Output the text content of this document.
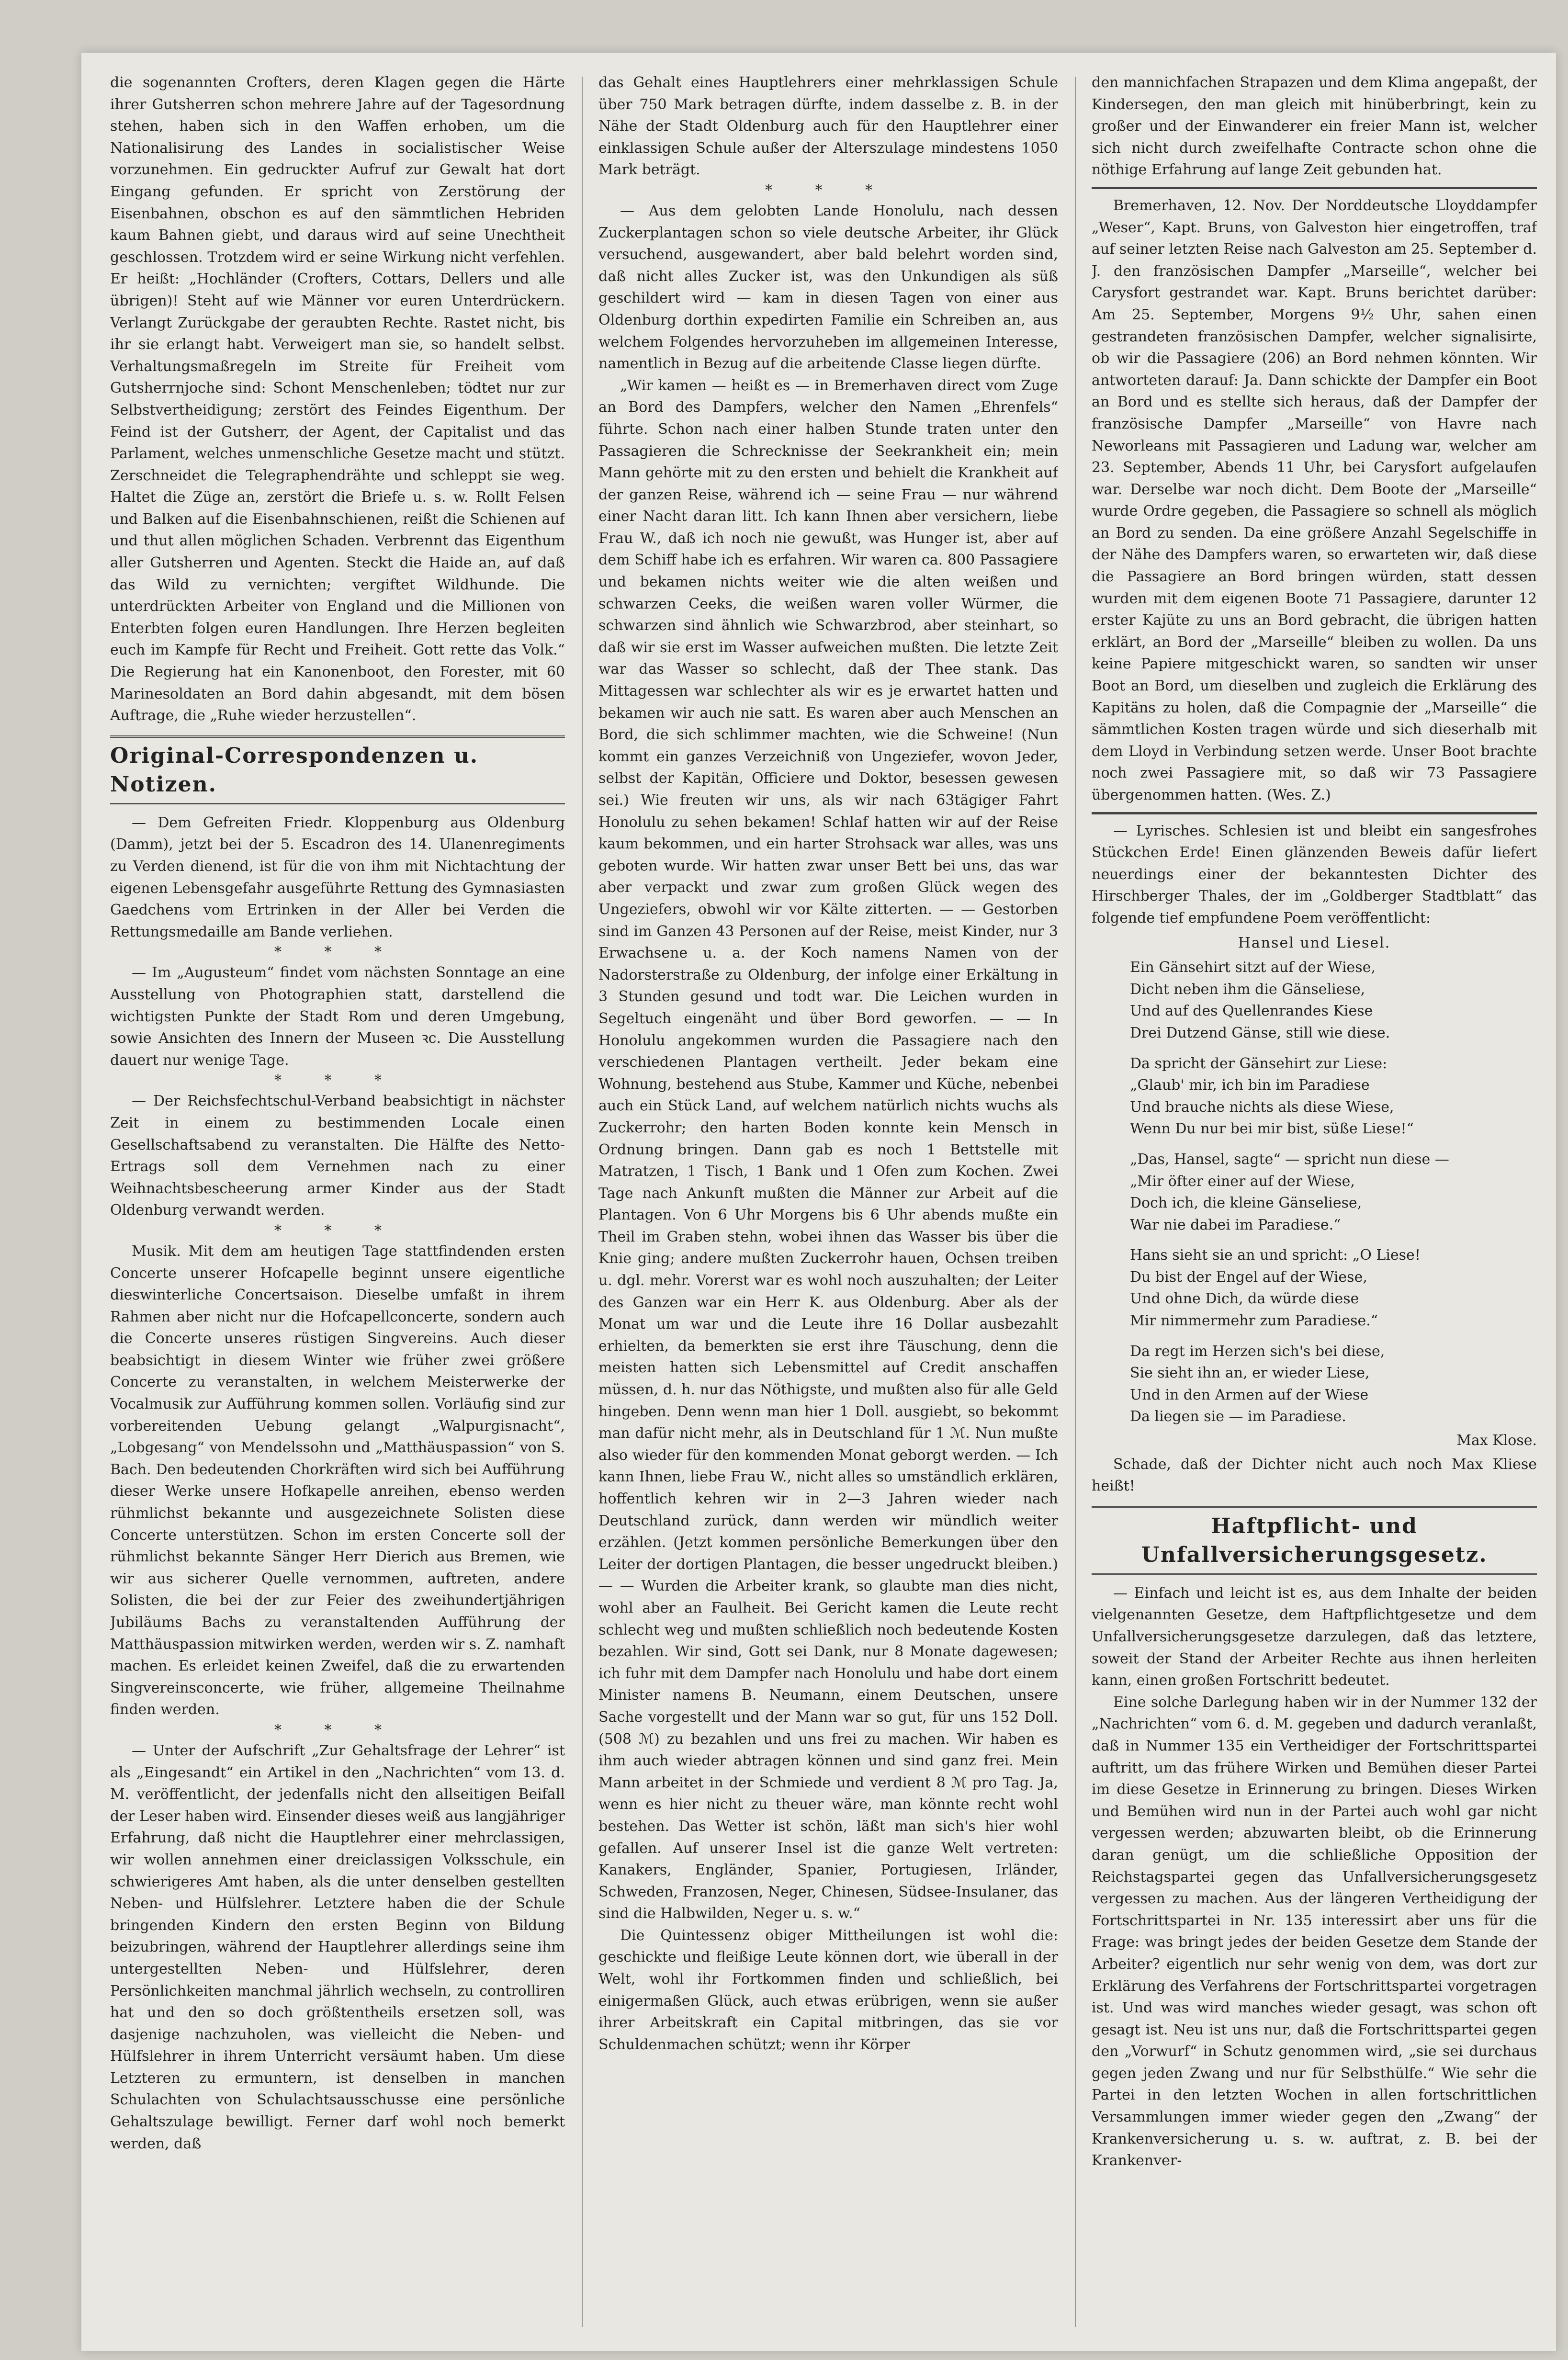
die sogenannten Crofters, deren Klagen gegen die Härte ihrer Gutsherren schon mehrere Jahre auf der Tagesordnung stehen, haben sich in den Waffen erhoben, um die Nationalisirung des Landes in socialistischer Weise vorzunehmen. Ein gedruckter Aufruf zur Gewalt hat dort Eingang gefunden. Er spricht von Zerstörung der Eisenbahnen, obschon es auf den sämmtlichen Hebriden kaum Bahnen giebt, und daraus wird auf seine Unechtheit geschlossen. Trotzdem wird er seine Wirkung nicht verfehlen. Er heißt: „Hochländer (Crofters, Cottars, Dellers und alle übrigen)! Steht auf wie Männer vor euren Unterdrückern. Verlangt Zurückgabe der geraubten Rechte. Rastet nicht, bis ihr sie erlangt habt. Verweigert man sie, so handelt selbst. Verhaltungsmaßregeln im Streite für Freiheit vom Gutsherrnjoche sind: Schont Menschenleben; tödtet nur zur Selbstvertheidigung; zerstört des Feindes Eigenthum. Der Feind ist der Gutsherr, der Agent, der Capitalist und das Parlament, welches unmenschliche Gesetze macht und stützt. Zerschneidet die Telegraphendrähte und schleppt sie weg. Haltet die Züge an, zerstört die Briefe u. s. w. Rollt Felsen und Balken auf die Eisenbahnschienen, reißt die Schienen auf und thut allen möglichen Schaden. Verbrennt das Eigenthum aller Gutsherren und Agenten. Steckt die Haide an, auf daß das Wild zu vernichten; vergiftet Wildhunde. Die unterdrückten Arbeiter von England und die Millionen von Enterbten folgen euren Handlungen. Ihre Herzen begleiten euch im Kampfe für Recht und Freiheit. Gott rette das Volk.“ Die Regierung hat ein Kanonenboot, den Forester, mit 60 Marinesoldaten an Bord dahin abgesandt, mit dem bösen Auftrage, die „Ruhe wieder herzustellen“.

Original-Correspondenzen u. Notizen.

— Dem Gefreiten Friedr. Kloppenburg aus Oldenburg (Damm), jetzt bei der 5. Escadron des 14. Ulanenregiments zu Verden dienend, ist für die von ihm mit Nichtachtung der eigenen Lebensgefahr ausgeführte Rettung des Gymnasiasten Gaedchens vom Ertrinken in der Aller bei Verden die Rettungsmedaille am Bande verliehen.

* * *

— Im „Augusteum“ findet vom nächsten Sonntage an eine Ausstellung von Photographien statt, darstellend die wichtigsten Punkte der Stadt Rom und deren Umgebung, sowie Ansichten des Innern der Museen ꝛc. Die Ausstellung dauert nur wenige Tage.

* * *

— Der Reichsfechtschul-Verband beabsichtigt in nächster Zeit in einem zu bestimmenden Locale einen Gesellschaftsabend zu veranstalten. Die Hälfte des Netto-Ertrags soll dem Vernehmen nach zu einer Weihnachtsbescheerung armer Kinder aus der Stadt Oldenburg verwandt werden.

* * *

Musik. Mit dem am heutigen Tage stattfindenden ersten Concerte unserer Hofcapelle beginnt unsere eigentliche dieswinterliche Concertsaison. Dieselbe umfaßt in ihrem Rahmen aber nicht nur die Hofcapellconcerte, sondern auch die Concerte unseres rüstigen Singvereins. Auch dieser beabsichtigt in diesem Winter wie früher zwei größere Concerte zu veranstalten, in welchem Meisterwerke der Vocalmusik zur Aufführung kommen sollen. Vorläufig sind zur vorbereitenden Uebung gelangt „Walpurgisnacht“, „Lobgesang“ von Mendelssohn und „Matthäuspassion“ von S. Bach. Den bedeutenden Chorkräften wird sich bei Aufführung dieser Werke unsere Hofkapelle anreihen, ebenso werden rühmlichst bekannte und ausgezeichnete Solisten diese Concerte unterstützen. Schon im ersten Concerte soll der rühmlichst bekannte Sänger Herr Dierich aus Bremen, wie wir aus sicherer Quelle vernommen, auftreten, andere Solisten, die bei der zur Feier des zweihundertjährigen Jubiläums Bachs zu veranstaltenden Aufführung der Matthäuspassion mitwirken werden, werden wir s. Z. namhaft machen. Es erleidet keinen Zweifel, daß die zu erwartenden Singvereinsconcerte, wie früher, allgemeine Theilnahme finden werden.

* * *

— Unter der Aufschrift „Zur Gehaltsfrage der Lehrer“ ist als „Eingesandt“ ein Artikel in den „Nachrichten“ vom 13. d. M. veröffentlicht, der jedenfalls nicht den allseitigen Beifall der Leser haben wird. Einsender dieses weiß aus langjähriger Erfahrung, daß nicht die Hauptlehrer einer mehrclassigen, wir wollen annehmen einer dreiclassigen Volksschule, ein schwierigeres Amt haben, als die unter denselben gestellten Neben- und Hülfslehrer. Letztere haben die der Schule bringenden Kindern den ersten Beginn von Bildung beizubringen, während der Hauptlehrer allerdings seine ihm untergestellten Neben- und Hülfslehrer, deren Persönlichkeiten manchmal jährlich wechseln, zu controlliren hat und den so doch größtentheils ersetzen soll, was dasjenige nachzuholen, was vielleicht die Neben- und Hülfslehrer in ihrem Unterricht versäumt haben. Um diese Letzteren zu ermuntern, ist denselben in manchen Schulachten von Schulachtsausschusse eine persönliche Gehaltszulage bewilligt. Ferner darf wohl noch bemerkt werden, daß

das Gehalt eines Hauptlehrers einer mehrklassigen Schule über 750 Mark betragen dürfte, indem dasselbe z. B. in der Nähe der Stadt Oldenburg auch für den Hauptlehrer einer einklassigen Schule außer der Alterszulage mindestens 1050 Mark beträgt.

* * *

— Aus dem gelobten Lande Honolulu, nach dessen Zuckerplantagen schon so viele deutsche Arbeiter, ihr Glück versuchend, ausgewandert, aber bald belehrt worden sind, daß nicht alles Zucker ist, was den Unkundigen als süß geschildert wird — kam in diesen Tagen von einer aus Oldenburg dorthin expedirten Familie ein Schreiben an, aus welchem Folgendes hervorzuheben im allgemeinen Interesse, namentlich in Bezug auf die arbeitende Classe liegen dürfte.

„Wir kamen — heißt es — in Bremerhaven direct vom Zuge an Bord des Dampfers, welcher den Namen „Ehrenfels“ führte. Schon nach einer halben Stunde traten unter den Passagieren die Schrecknisse der Seekrankheit ein; mein Mann gehörte mit zu den ersten und behielt die Krankheit auf der ganzen Reise, während ich — seine Frau — nur während einer Nacht daran litt. Ich kann Ihnen aber versichern, liebe Frau W., daß ich noch nie gewußt, was Hunger ist, aber auf dem Schiff habe ich es erfahren. Wir waren ca. 800 Passagiere und bekamen nichts weiter wie die alten weißen und schwarzen Ceeks, die weißen waren voller Würmer, die schwarzen sind ähnlich wie Schwarzbrod, aber steinhart, so daß wir sie erst im Wasser aufweichen mußten. Die letzte Zeit war das Wasser so schlecht, daß der Thee stank. Das Mittagessen war schlechter als wir es je erwartet hatten und bekamen wir auch nie satt. Es waren aber auch Menschen an Bord, die sich schlimmer machten, wie die Schweine! (Nun kommt ein ganzes Verzeichniß von Ungeziefer, wovon Jeder, selbst der Kapitän, Officiere und Doktor, besessen gewesen sei.) Wie freuten wir uns, als wir nach 63tägiger Fahrt Honolulu zu sehen bekamen! Schlaf hatten wir auf der Reise kaum bekommen, und ein harter Strohsack war alles, was uns geboten wurde. Wir hatten zwar unser Bett bei uns, das war aber verpackt und zwar zum großen Glück wegen des Ungeziefers, obwohl wir vor Kälte zitterten. — — Gestorben sind im Ganzen 43 Personen auf der Reise, meist Kinder, nur 3 Erwachsene u. a. der Koch namens Namen von der Nadorsterstraße zu Oldenburg, der infolge einer Erkältung in 3 Stunden gesund und todt war. Die Leichen wurden in Segeltuch eingenäht und über Bord geworfen. — — In Honolulu angekommen wurden die Passagiere nach den verschiedenen Plantagen vertheilt. Jeder bekam eine Wohnung, bestehend aus Stube, Kammer und Küche, nebenbei auch ein Stück Land, auf welchem natürlich nichts wuchs als Zuckerrohr; den harten Boden konnte kein Mensch in Ordnung bringen. Dann gab es noch 1 Bettstelle mit Matratzen, 1 Tisch, 1 Bank und 1 Ofen zum Kochen. Zwei Tage nach Ankunft mußten die Männer zur Arbeit auf die Plantagen. Von 6 Uhr Morgens bis 6 Uhr abends mußte ein Theil im Graben stehn, wobei ihnen das Wasser bis über die Knie ging; andere mußten Zuckerrohr hauen, Ochsen treiben u. dgl. mehr. Vorerst war es wohl noch auszuhalten; der Leiter des Ganzen war ein Herr K. aus Oldenburg. Aber als der Monat um war und die Leute ihre 16 Dollar ausbezahlt erhielten, da bemerkten sie erst ihre Täuschung, denn die meisten hatten sich Lebensmittel auf Credit anschaffen müssen, d. h. nur das Nöthigste, und mußten also für alle Geld hingeben. Denn wenn man hier 1 Doll. ausgiebt, so bekommt man dafür nicht mehr, als in Deutschland für 1 ℳ. Nun mußte also wieder für den kommenden Monat geborgt werden. — Ich kann Ihnen, liebe Frau W., nicht alles so umständlich erklären, hoffentlich kehren wir in 2—3 Jahren wieder nach Deutschland zurück, dann werden wir mündlich weiter erzählen. (Jetzt kommen persönliche Bemerkungen über den Leiter der dortigen Plantagen, die besser ungedruckt bleiben.) — — Wurden die Arbeiter krank, so glaubte man dies nicht, wohl aber an Faulheit. Bei Gericht kamen die Leute recht schlecht weg und mußten schließlich noch bedeutende Kosten bezahlen. Wir sind, Gott sei Dank, nur 8 Monate dagewesen; ich fuhr mit dem Dampfer nach Honolulu und habe dort einem Minister namens B. Neumann, einem Deutschen, unsere Sache vorgestellt und der Mann war so gut, für uns 152 Doll. (508 ℳ) zu bezahlen und uns frei zu machen. Wir haben es ihm auch wieder abtragen können und sind ganz frei. Mein Mann arbeitet in der Schmiede und verdient 8 ℳ pro Tag. Ja, wenn es hier nicht zu theuer wäre, man könnte recht wohl bestehen. Das Wetter ist schön, läßt man sich's hier wohl gefallen. Auf unserer Insel ist die ganze Welt vertreten: Kanakers, Engländer, Spanier, Portugiesen, Irländer, Schweden, Franzosen, Neger, Chinesen, Südsee-Insulaner, das sind die Halbwilden, Neger u. s. w.“

Die Quintessenz obiger Mittheilungen ist wohl die: geschickte und fleißige Leute können dort, wie überall in der Welt, wohl ihr Fortkommen finden und schließlich, bei einigermaßen Glück, auch etwas erübrigen, wenn sie außer ihrer Arbeitskraft ein Capital mitbringen, das sie vor Schuldenmachen schützt; wenn ihr Körper

den mannichfachen Strapazen und dem Klima angepaßt, der Kindersegen, den man gleich mit hinüberbringt, kein zu großer und der Einwanderer ein freier Mann ist, welcher sich nicht durch zweifelhafte Contracte schon ohne die nöthige Erfahrung auf lange Zeit gebunden hat.

Bremerhaven, 12. Nov. Der Norddeutsche Lloyddampfer „Weser“, Kapt. Bruns, von Galveston hier eingetroffen, traf auf seiner letzten Reise nach Galveston am 25. September d. J. den französischen Dampfer „Marseille“, welcher bei Carysfort gestrandet war. Kapt. Bruns berichtet darüber: Am 25. September, Morgens 9½ Uhr, sahen einen gestrandeten französischen Dampfer, welcher signalisirte, ob wir die Passagiere (206) an Bord nehmen könnten. Wir antworteten darauf: Ja. Dann schickte der Dampfer ein Boot an Bord und es stellte sich heraus, daß der Dampfer der französische Dampfer „Marseille“ von Havre nach Neworleans mit Passagieren und Ladung war, welcher am 23. September, Abends 11 Uhr, bei Carysfort aufgelaufen war. Derselbe war noch dicht. Dem Boote der „Marseille“ wurde Ordre gegeben, die Passagiere so schnell als möglich an Bord zu senden. Da eine größere Anzahl Segelschiffe in der Nähe des Dampfers waren, so erwarteten wir, daß diese die Passagiere an Bord bringen würden, statt dessen wurden mit dem eigenen Boote 71 Passagiere, darunter 12 erster Kajüte zu uns an Bord gebracht, die übrigen hatten erklärt, an Bord der „Marseille“ bleiben zu wollen. Da uns keine Papiere mitgeschickt waren, so sandten wir unser Boot an Bord, um dieselben und zugleich die Erklärung des Kapitäns zu holen, daß die Compagnie der „Marseille“ die sämmtlichen Kosten tragen würde und sich dieserhalb mit dem Lloyd in Verbindung setzen werde. Unser Boot brachte noch zwei Passagiere mit, so daß wir 73 Passagiere übergenommen hatten. (Wes. Z.)

— Lyrisches. Schlesien ist und bleibt ein sangesfrohes Stückchen Erde! Einen glänzenden Beweis dafür liefert neuerdings einer der bekanntesten Dichter des Hirschberger Thales, der im „Goldberger Stadtblatt“ das folgende tief empfundene Poem veröffentlicht:

Hansel und Liesel.
Ein Gänsehirt sitzt auf der Wiese,
Dicht neben ihm die Gänseliese,
Und auf des Quellenrandes Kiese
Drei Dutzend Gänse, still wie diese.
Da spricht der Gänsehirt zur Liese:
„Glaub' mir, ich bin im Paradiese
Und brauche nichts als diese Wiese,
Wenn Du nur bei mir bist, süße Liese!“
„Das, Hansel, sagte“ — spricht nun diese —
„Mir öfter einer auf der Wiese,
Doch ich, die kleine Gänseliese,
War nie dabei im Paradiese.“
Hans sieht sie an und spricht: „O Liese!
Du bist der Engel auf der Wiese,
Und ohne Dich, da würde diese
Mir nimmermehr zum Paradiese.“
Da regt im Herzen sich's bei diese,
Sie sieht ihn an, er wieder Liese,
Und in den Armen auf der Wiese
Da liegen sie — im Paradiese.
Max Klose.

Schade, daß der Dichter nicht auch noch Max Kliese heißt!

Haftpflicht- und Unfallversicherungsgesetz.

— Einfach und leicht ist es, aus dem Inhalte der beiden vielgenannten Gesetze, dem Haftpflichtgesetze und dem Unfallversicherungsgesetze darzulegen, daß das letztere, soweit der Stand der Arbeiter Rechte aus ihnen herleiten kann, einen großen Fortschritt bedeutet.

Eine solche Darlegung haben wir in der Nummer 132 der „Nachrichten“ vom 6. d. M. gegeben und dadurch veranlaßt, daß in Nummer 135 ein Vertheidiger der Fortschrittspartei auftritt, um das frühere Wirken und Bemühen dieser Partei im diese Gesetze in Erinnerung zu bringen. Dieses Wirken und Bemühen wird nun in der Partei auch wohl gar nicht vergessen werden; abzuwarten bleibt, ob die Erinnerung daran genügt, um die schließliche Opposition der Reichstagspartei gegen das Unfallversicherungsgesetz vergessen zu machen. Aus der längeren Vertheidigung der Fortschrittspartei in Nr. 135 interessirt aber uns für die Frage: was bringt jedes der beiden Gesetze dem Stande der Arbeiter? eigentlich nur sehr wenig von dem, was dort zur Erklärung des Verfahrens der Fortschrittspartei vorgetragen ist. Und was wird manches wieder gesagt, was schon oft gesagt ist. Neu ist uns nur, daß die Fortschrittspartei gegen den „Vorwurf“ in Schutz genommen wird, „sie sei durchaus gegen jeden Zwang und nur für Selbsthülfe.“ Wie sehr die Partei in den letzten Wochen in allen fortschrittlichen Versammlungen immer wieder gegen den „Zwang“ der Krankenversicherung u. s. w. auftrat, z. B. bei der Krankenver-
